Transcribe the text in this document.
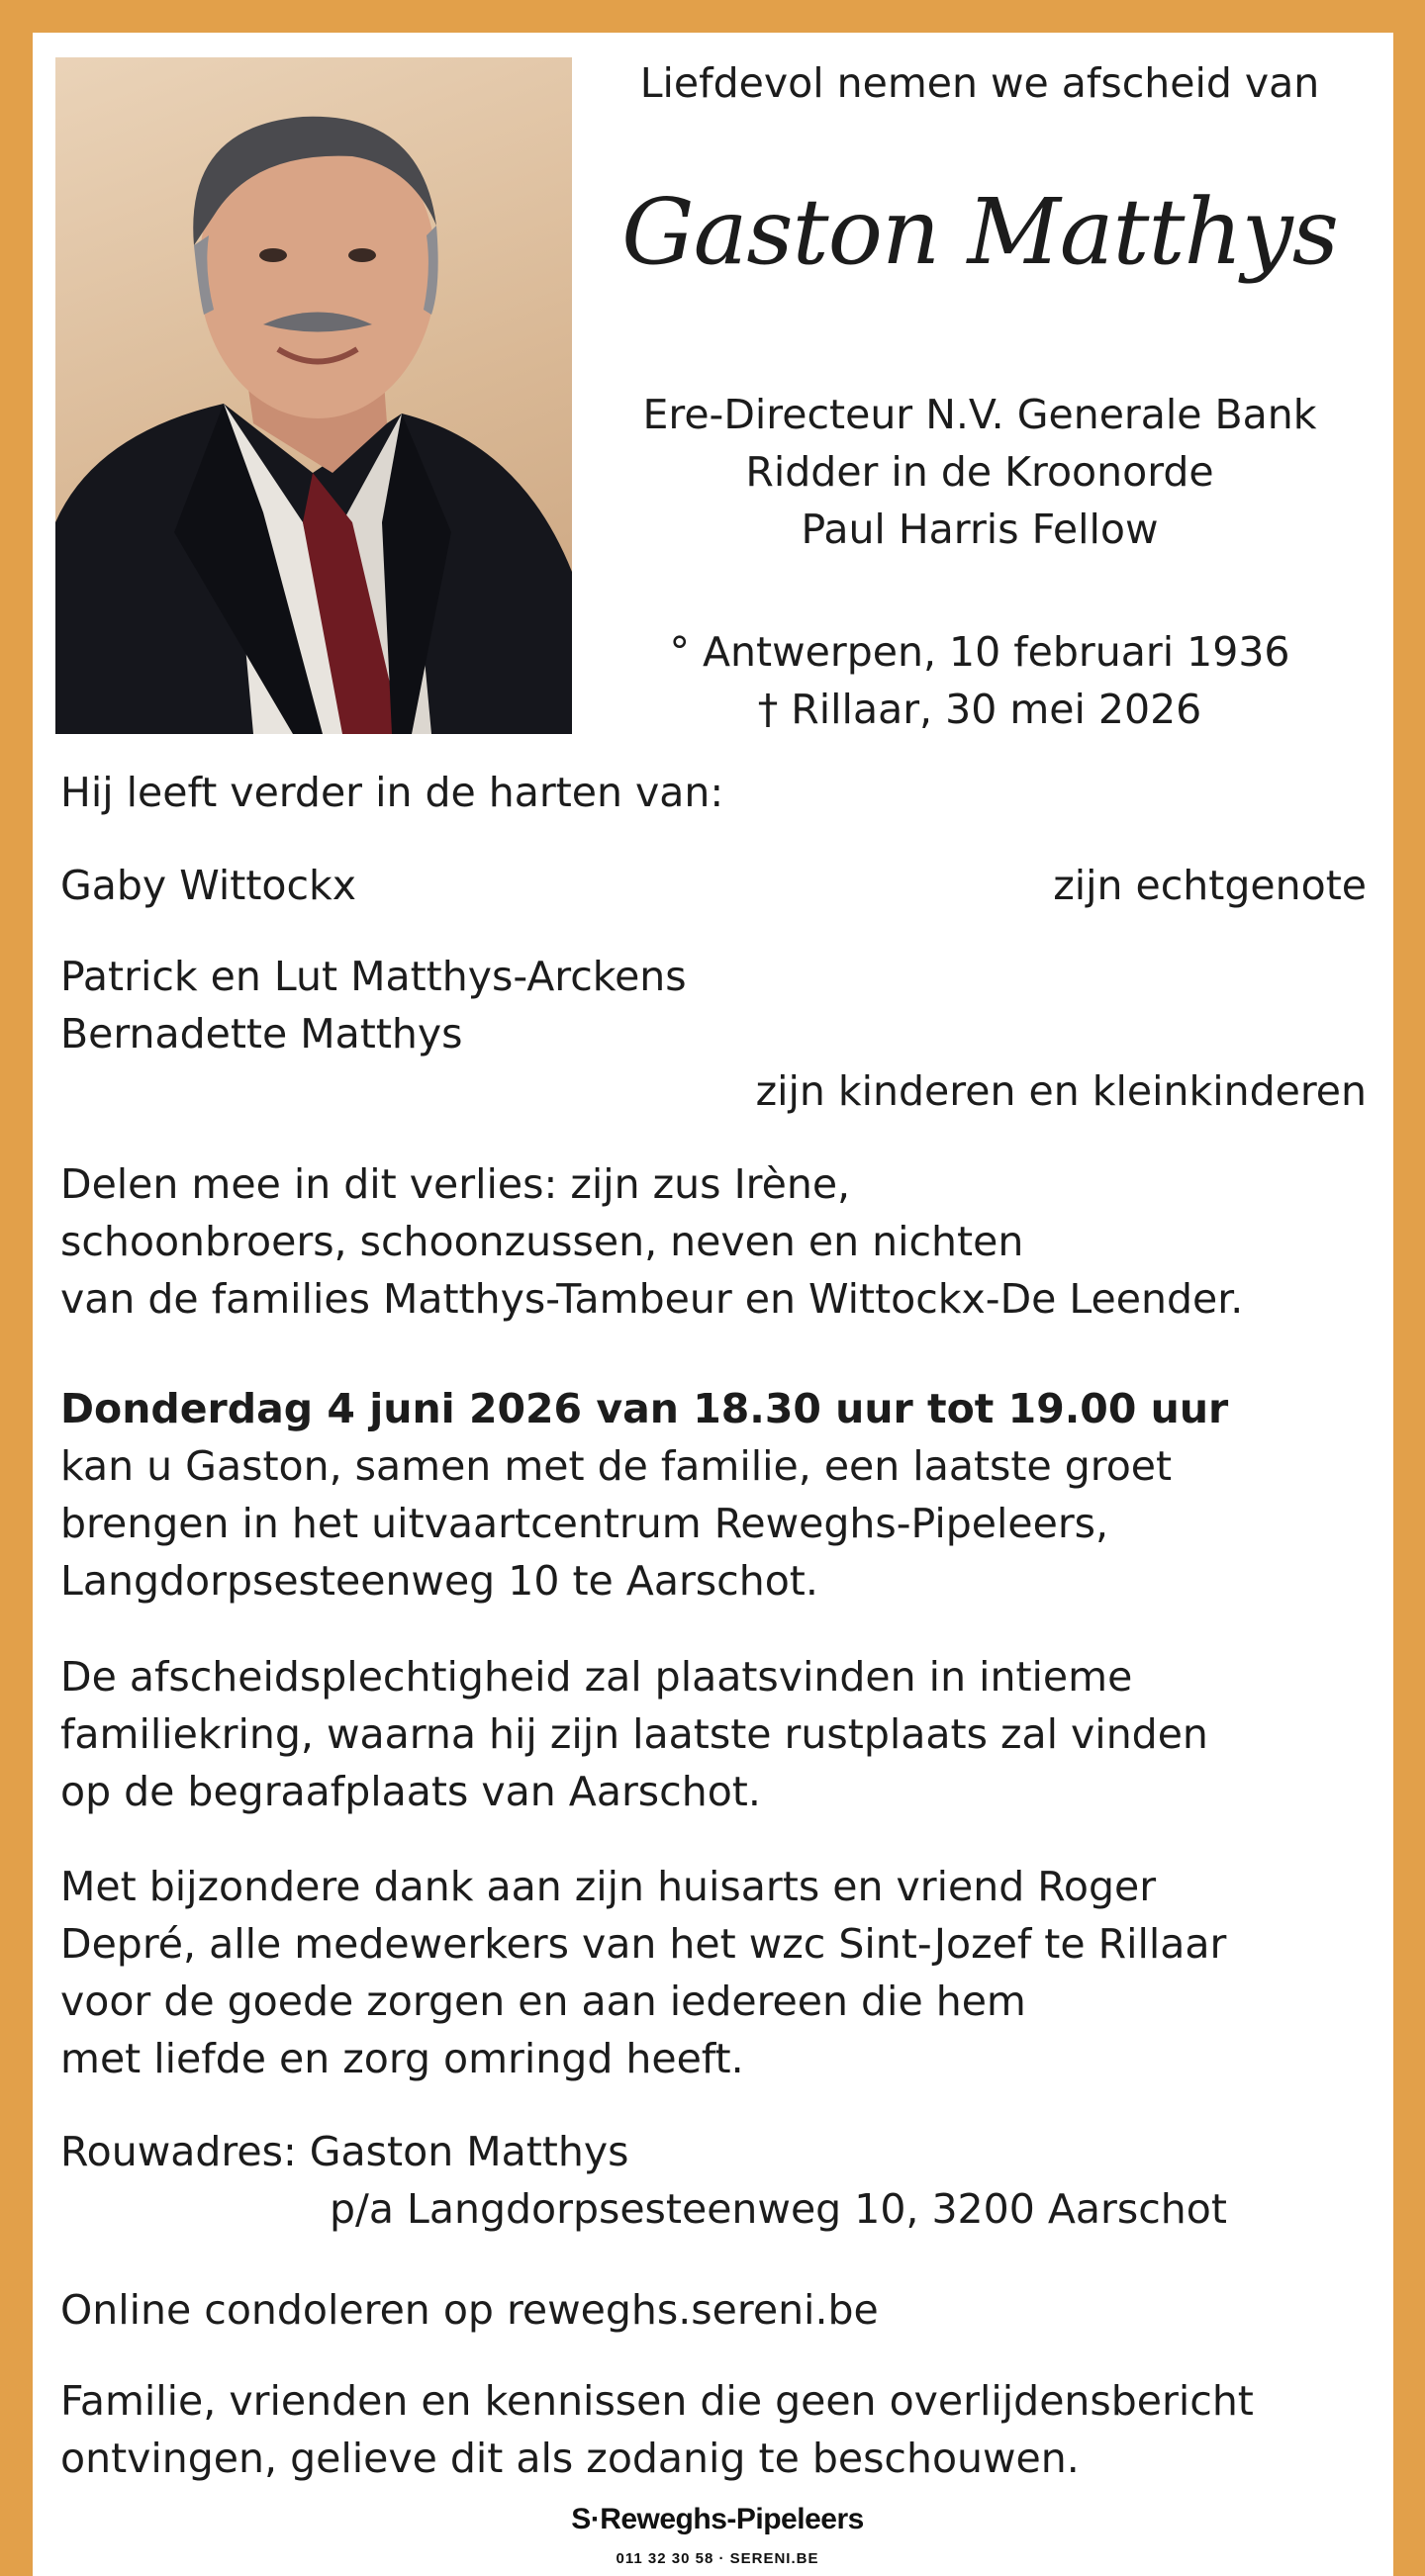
Liefdevol nemen we afscheid van
Gaston Matthys
Ere-Directeur N.V. Generale Bank
Ridder in de Kroonorde
Paul Harris Fellow
° Antwerpen, 10 februari 1936
† Rillaar, 30 mei 2026
Hij leeft verder in de harten van:
Gaby Wittockx	zijn echtgenote
Patrick en Lut Matthys-Arckens
Bernadette Matthys
zijn kinderen en kleinkinderen
Delen mee in dit verlies: zijn zus Irène,
schoonbroers, schoonzussen, neven en nichten
van de families Matthys-Tambeur en Wittockx-De Leender.
Donderdag 4 juni 2026 van 18.30 uur tot 19.00 uur
kan u Gaston, samen met de familie, een laatste groet
brengen in het uitvaartcentrum Reweghs-Pipeleers,
Langdorpsesteenweg 10 te Aarschot.
De afscheidsplechtigheid zal plaatsvinden in intieme
familiekring, waarna hij zijn laatste rustplaats zal vinden
op de begraafplaats van Aarschot.
Met bijzondere dank aan zijn huisarts en vriend Roger
Depré, alle medewerkers van het wzc Sint-Jozef te Rillaar
voor de goede zorgen en aan iedereen die hem
met liefde en zorg omringd heeft.
Rouwadres: Gaston Matthys
p/a Langdorpsesteenweg 10, 3200 Aarschot
Online condoleren op reweghs.sereni.be
Familie, vrienden en kennissen die geen overlijdensbericht
ontvingen, gelieve dit als zodanig te beschouwen.
S·Reweghs-Pipeleers
011 32 30 58 · SERENI.BE
